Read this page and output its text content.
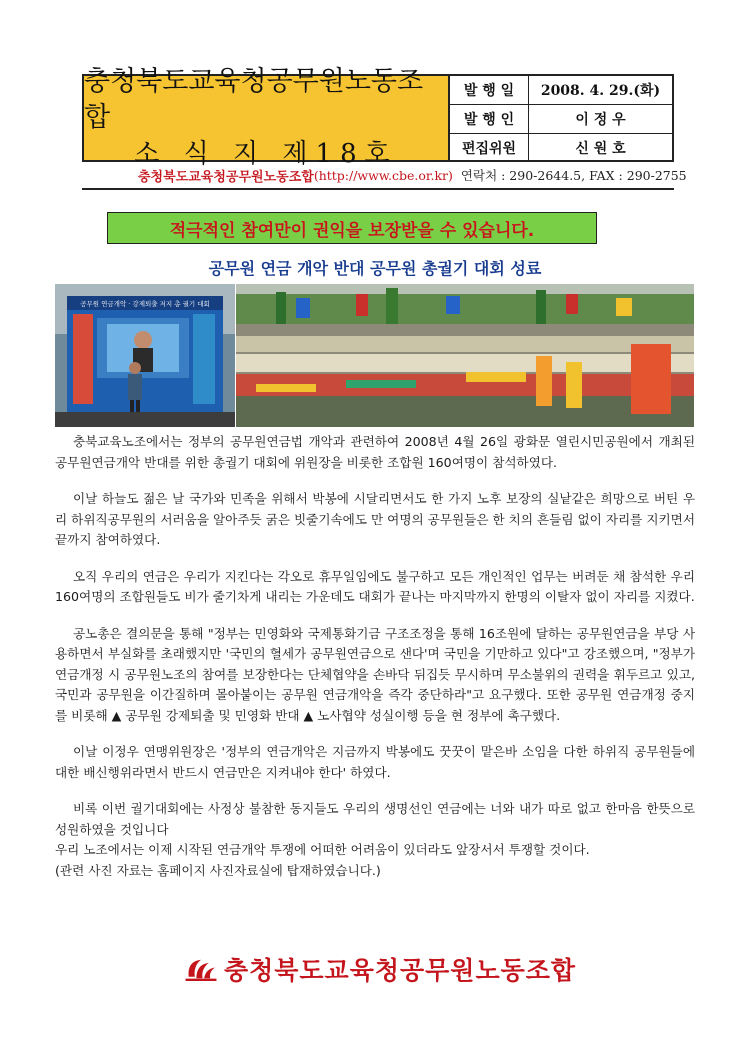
충청북도교육청공무원노동조합
소 식 지 제18호
발 행 일	2008. 4. 29.(화)
발 행 인	이 정 우
편집위원	신 원 호
충청북도교육청공무원노동조합 (http://www.cbe.or.kr) 연락처 : 290-2644.5, FAX : 290-2755
적극적인 참여만이 권익을 보장받을 수 있습니다.
공무원 연금 개악 반대 공무원 총궐기 대회 성료
공무원 연금개악 · 강제퇴출 저지 총 궐기 대회

충북교육노조에서는 정부의 공무원연금법 개악과 관련하여 2008년 4월 26일 광화문 열린시민공원에서 개최된 공무원연금개악 반대를 위한 총궐기 대회에 위원장을 비롯한 조합원 160여명이 참석하였다.

이날 하늘도 젊은 날 국가와 민족을 위해서 박봉에 시달리면서도 한 가지 노후 보장의 실낱같은 희망으로 버틴 우리 하위직공무원의 서러움을 알아주듯 굵은 빗줄기속에도 만 여명의 공무원들은 한 치의 흔들림 없이 자리를 지키면서 끝까지 참여하였다.

오직 우리의 연금은 우리가 지킨다는 각오로 휴무일임에도 불구하고 모든 개인적인 업무는 버려둔 채 참석한 우리 160여명의 조합원들도 비가 줄기차게 내리는 가운데도 대회가 끝나는 마지막까지 한명의 이탈자 없이 자리를 지켰다.

공노총은 결의문을 통해 "정부는 민영화와 국제통화기금 구조조정을 통해 16조원에 달하는 공무원연금을 부당 사용하면서 부실화를 초래했지만 '국민의 혈세가 공무원연금으로 샌다'며 국민을 기만하고 있다"고 강조했으며, "정부가 연금개정 시 공무원노조의 참여를 보장한다는 단체협약을 손바닥 뒤집듯 무시하며 무소불위의 권력을 휘두르고 있고, 국민과 공무원을 이간질하며 몰아붙이는 공무원 연금개악을 즉각 중단하라"고 요구했다. 또한 공무원 연금개정 중지를 비롯해 ▲ 공무원 강제퇴출 및 민영화 반대 ▲ 노사협약 성실이행 등을 현 정부에 촉구했다.

이날 이정우 연맹위원장은 '정부의 연금개악은 지금까지 박봉에도 꿋꿋이 맡은바 소임을 다한 하위직 공무원들에 대한 배신행위라면서 반드시 연금만은 지켜내야 한다' 하였다.

비록 이번 궐기대회에는 사정상 불참한 동지들도 우리의 생명선인 연금에는 너와 내가 따로 없고 한마음 한뜻으로 성원하였을 것입니다

우리 노조에서는 이제 시작된 연금개악 투쟁에 어떠한 어려움이 있더라도 앞장서서 투쟁할 것이다.

(관련 사진 자료는 홈페이지 사진자료실에 탑재하였습니다.)

충청북도교육청공무원노동조합
